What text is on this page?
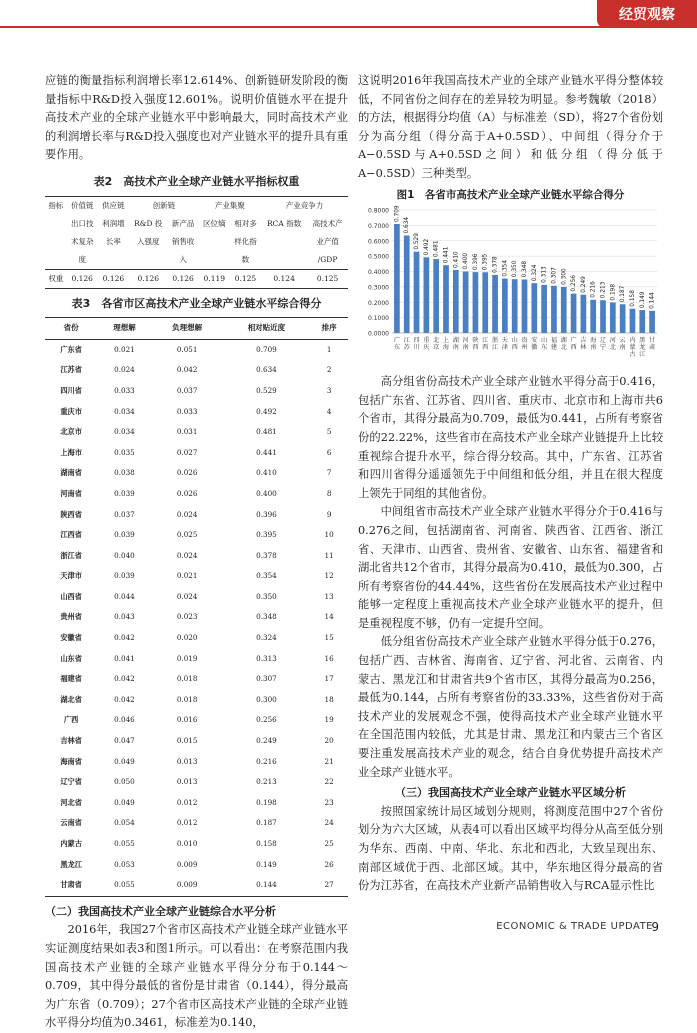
经贸观察

应链的衡量指标利润增长率12.614%、创新链研发阶段的衡量指标中R&D投入强度12.601%。说明价值链水平在提升高技术产业的全球产业链水平中影响最大，同时高技术产业的利润增长率与R&D投入强度也对产业链水平的提升具有重要作用。

表2　高技术产业全球产业链水平指标权重
指标	价值链	供应链	创新链		产业集聚		产业竞争力	
	出口技	利润增	R&D 投	新产品	区位熵	相对多	RCA 指数	高技术产
	术复杂	长率	入强度	销售收		样化指		业产值
	度			入		数		/GDP
权重	0.126	0.126	0.126	0.126	0.119	0.125	0.124	0.125
表3　各省市区高技术产业全球产业链水平综合得分
省份	理想解	负理想解	相对贴近度	排序
广东省	0.021	0.051	0.709	1
江苏省	0.024	0.042	0.634	2
四川省	0.033	0.037	0.529	3
重庆市	0.034	0.033	0.492	4
北京市	0.034	0.031	0.481	5
上海市	0.035	0.027	0.441	6
湖南省	0.038	0.026	0.410	7
河南省	0.039	0.026	0.400	8
陕西省	0.037	0.024	0.396	9
江西省	0.039	0.025	0.395	10
浙江省	0.040	0.024	0.378	11
天津市	0.039	0.021	0.354	12
山西省	0.044	0.024	0.350	13
贵州省	0.043	0.023	0.348	14
安徽省	0.042	0.020	0.324	15
山东省	0.041	0.019	0.313	16
福建省	0.042	0.018	0.307	17
湖北省	0.042	0.018	0.300	18
广西	0.046	0.016	0.256	19
吉林省	0.047	0.015	0.249	20
海南省	0.049	0.013	0.216	21
辽宁省	0.050	0.013	0.213	22
河北省	0.049	0.012	0.198	23
云南省	0.054	0.012	0.187	24
内蒙古	0.055	0.010	0.158	25
黑龙江	0.053	0.009	0.149	26
甘肃省	0.055	0.009	0.144	27
（二）我国高技术产业全球产业链综合水平分析

2016年，我国27个省市区高技术产业链全球产业链水平实证测度结果如表3和图1所示。可以看出：在考察范围内我国高技术产业链的全球产业链水平得分分布于0.144～0.709，其中得分最低的省份是甘肃省（0.144），得分最高为广东省（0.709）；27个省市区高技术产业链的全球产业链水平得分均值为0.3461，标准差为0.140，

这说明2016年我国高技术产业的全球产业链水平得分整体较低，不同省份之间存在的差异较为明显。参考魏敏（2018）的方法，根据得分均值（A）与标准差（SD），将27个省份划分为高分组（得分高于A+0.5SD）、中间组（得分介于A−0.5SD与A+0.5SD之间）和低分组（得分低于A−0.5SD）三种类型。

图1　各省市高技术产业全球产业链水平综合得分
0.0000
0.1000
0.2000
0.3000
0.4000
0.5000
0.6000
0.7000
0.8000 0.709
广
东
0.634
江
苏
0.529
四
川
0.492
重
庆
0.481
北
京
0.441
上
海
0.410
湖
南
0.400
河
南
0.396
陕
西
0.395
江
西
0.378
浙
江
0.354
天
津
0.350
山
西
0.348
贵
州
0.324
安
徽
0.313
山
东
0.307
福
建
0.300
湖
北
0.256
广
西
0.249
吉
林
0.216
海
南
0.213
辽
宁
0.198
河
北
0.187
云
南
0.158
内
蒙
古
0.149
黑
龙
江
0.144
甘
肃

高分组省份高技术产业全球产业链水平得分高于0.416，包括广东省、江苏省、四川省、重庆市、北京市和上海市共6个省市，其得分最高为0.709，最低为0.441，占所有考察省份的22.22%，这些省市在高技术产业全球产业链提升上比较重视综合提升水平，综合得分较高。其中，广东省、江苏省和四川省得分遥遥领先于中间组和低分组，并且在很大程度上领先于同组的其他省份。

中间组省市高技术产业全球产业链水平得分介于0.416与0.276之间，包括湖南省、河南省、陕西省、江西省、浙江省、天津市、山西省、贵州省、安徽省、山东省、福建省和湖北省共12个省市，其得分最高为0.410，最低为0.300，占所有考察省份的44.44%，这些省份在发展高技术产业过程中能够一定程度上重视高技术产业全球产业链水平的提升，但是重视程度不够，仍有一定提升空间。

低分组省份高技术产业全球产业链水平得分低于0.276，包括广西、吉林省、海南省、辽宁省、河北省、云南省、内蒙古、黑龙江和甘肃省共9个省市区，其得分最高为0.256，最低为0.144，占所有考察省份的33.33%，这些省份对于高技术产业的发展观念不强，使得高技术产业全球产业链水平在全国范围内较低，尤其是甘肃、黑龙江和内蒙古三个省区要注重发展高技术产业的观念，结合自身优势提升高技术产业全球产业链水平。

（三）我国高技术产业全球产业链水平区域分析

按照国家统计局区域划分规则，将测度范围中27个省份划分为六大区域，从表4可以看出区域平均得分从高至低分别为华东、西南、中南、华北、东北和西北，大致呈现出东、南部区域优于西、北部区域。其中，华东地区得分最高的省份为江苏省，在高技术产业新产品销售收入与RCA显示性比

ECONOMIC & TRADE UPDATE
9
